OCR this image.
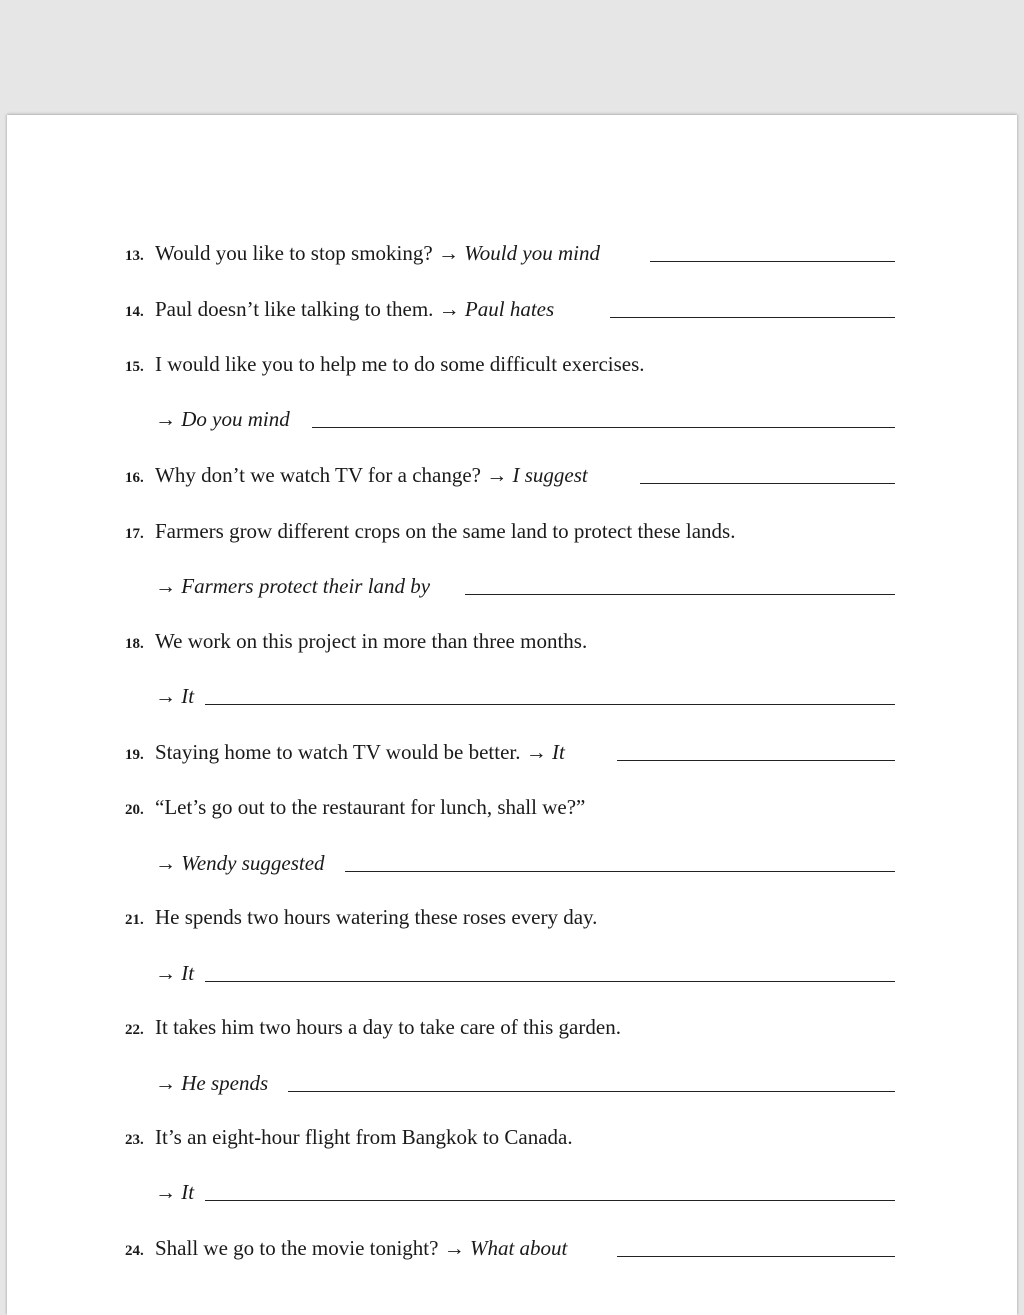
13. Would you like to stop smoking? → Would you mind
14. Paul doesn’t like talking to them. → Paul hates
15. I would like you to help me to do some difficult exercises.
→ Do you mind
16. Why don’t we watch TV for a change? → I suggest
17. Farmers grow different crops on the same land to protect these lands.
→ Farmers protect their land by
18. We work on this project in more than three months.
→ It
19. Staying home to watch TV would be better. → It
20. “Let’s go out to the restaurant for lunch, shall we?”
→ Wendy suggested
21. He spends two hours watering these roses every day.
→ It
22. It takes him two hours a day to take care of this garden.
→ He spends
23. It’s an eight-hour flight from Bangkok to Canada.
→ It
24. Shall we go to the movie tonight? → What about
